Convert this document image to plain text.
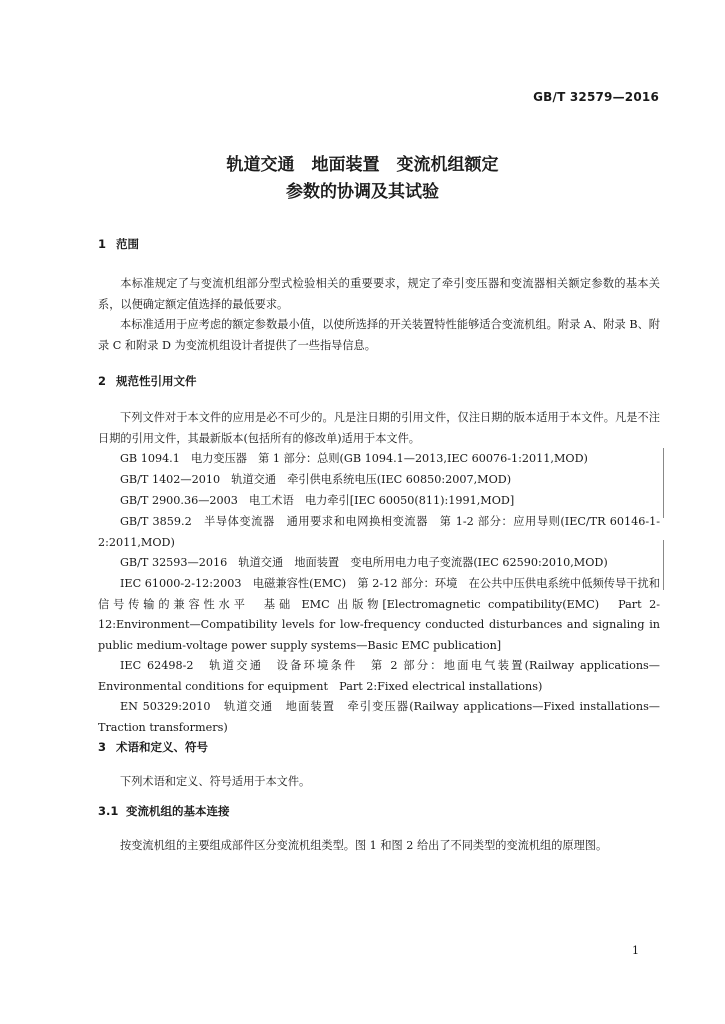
GB/T 32579—2016
轨道交通　地面装置　变流机组额定
参数的协调及其试验
1 范围
本标准规定了与变流机组部分型式检验相关的重要要求，规定了牵引变压器和变流器相关额定参数的基本关系，以便确定额定值选择的最低要求。
本标准适用于应考虑的额定参数最小值，以使所选择的开关装置特性能够适合变流机组。附录 A、附录 B、附录 C 和附录 D 为变流机组设计者提供了一些指导信息。
2 规范性引用文件
下列文件对于本文件的应用是必不可少的。凡是注日期的引用文件，仅注日期的版本适用于本文件。凡是不注日期的引用文件，其最新版本(包括所有的修改单)适用于本文件。
GB 1094.1　电力变压器　第 1 部分：总则(GB 1094.1—2013,IEC 60076-1:2011,MOD)
GB/T 1402—2010　轨道交通　牵引供电系统电压(IEC 60850:2007,MOD)
GB/T 2900.36—2003　电工术语　电力牵引[IEC 60050(811):1991,MOD]
GB/T 3859.2　半导体变流器　通用要求和电网换相变流器　第 1-2 部分：应用导则(IEC/TR 60146-1-2:2011,MOD)
GB/T 32593—2016　轨道交通　地面装置　变电所用电力电子变流器(IEC 62590:2010,MOD)
IEC 61000-2-12:2003　电磁兼容性(EMC)　第 2-12 部分：环境　在公共中压供电系统中低频传导干扰和信号传输的兼容性水平　基础 EMC 出版物[Electromagnetic compatibility(EMC)　Part 2-12:Environment—Compatibility levels for low-frequency conducted disturbances and signaling in public medium-voltage power supply systems—Basic EMC publication]
IEC 62498-2　轨道交通　设备环境条件　第 2 部分：地面电气装置(Railway applications—Environmental conditions for equipment　Part 2:Fixed electrical installations)
EN 50329:2010　轨道交通　地面装置　牵引变压器(Railway applications—Fixed installations—Traction transformers)
3 术语和定义、符号
下列术语和定义、符号适用于本文件。
3.1 变流机组的基本连接
按变流机组的主要组成部件区分变流机组类型。图 1 和图 2 给出了不同类型的变流机组的原理图。
1
